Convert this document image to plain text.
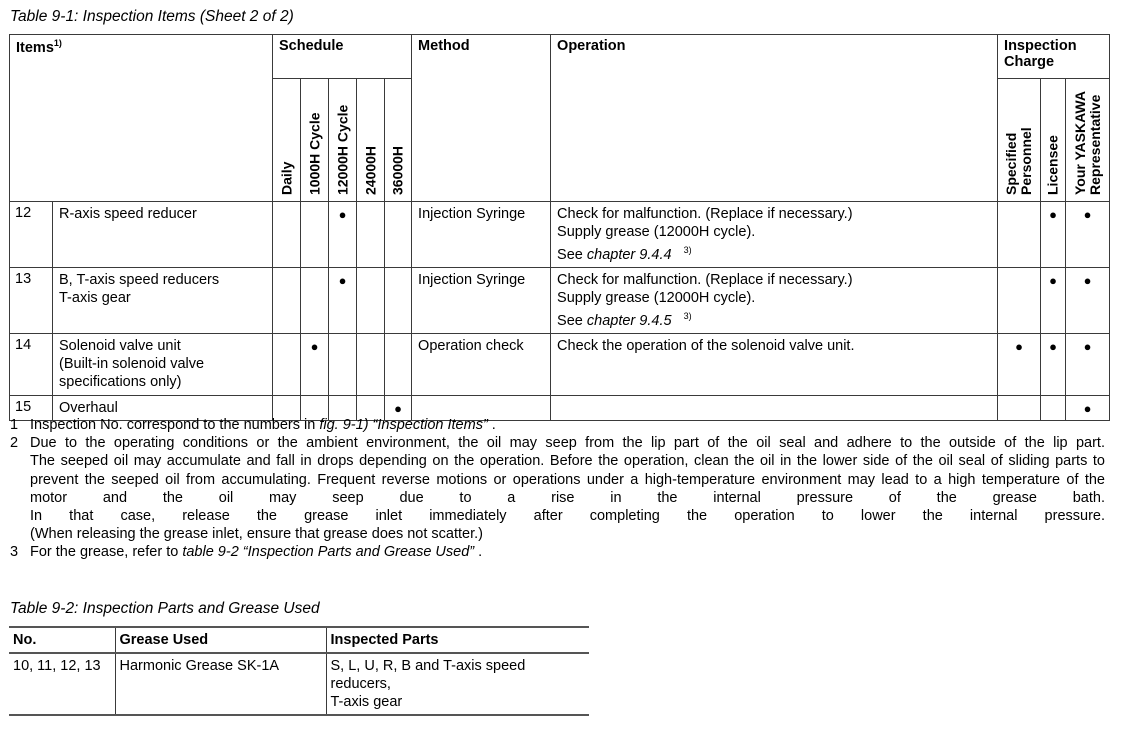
Table 9-1: Inspection Items (Sheet 2 of 2)
Items$^{1)}$		Schedule					Method	Operation	Inspection
Charge		

		Daily	1000H Cycle	12000H Cycle	24000H	36000H			Specified
Personnel	Licensee	Your YASKAWA
Representative

12	R-axis speed reducer			●			Injection Syringe	Check for malfunction. (Replace if necessary.)
Supply grease (12000H cycle).
See chapter 9.4.4 $^{3)}$		●	●
13	B, T-axis speed reducers
T-axis gear			●			Injection Syringe	Check for malfunction. (Replace if necessary.)
Supply grease (12000H cycle).
See chapter 9.4.5 $^{3)}$		●	●
14	Solenoid valve unit
(Built-in solenoid valve
specifications only)		●				Operation check	Check the operation of the solenoid valve unit.	●	●	●
15	Overhaul					●					●
1 Inspection No. correspond to the numbers in fig. 9-1) “Inspection Items” .
2 Due to the operating conditions or the ambient environment, the oil may seep from the lip part of the oil seal and adhere to the outside of the lip part.
The seeped oil may accumulate and fall in drops depending on the operation. Before the operation, clean the oil in the lower side of the oil seal of sliding parts to
prevent the seeped oil from accumulating. Frequent reverse motions or operations under a high-temperature environment may lead to a high temperature of the
motor and the oil may seep due to a rise in the internal pressure of the grease bath.
In that case, release the grease inlet immediately after completing the operation to lower the internal pressure.
(When releasing the grease inlet, ensure that grease does not scatter.)
3 For the grease, refer to table 9-2 “Inspection Parts and Grease Used” .
Table 9-2: Inspection Parts and Grease Used
No.	Grease Used	Inspected Parts
10, 11, 12, 13	Harmonic Grease SK-1A	S, L, U, R, B and T-axis speed
reducers,
T-axis gear
